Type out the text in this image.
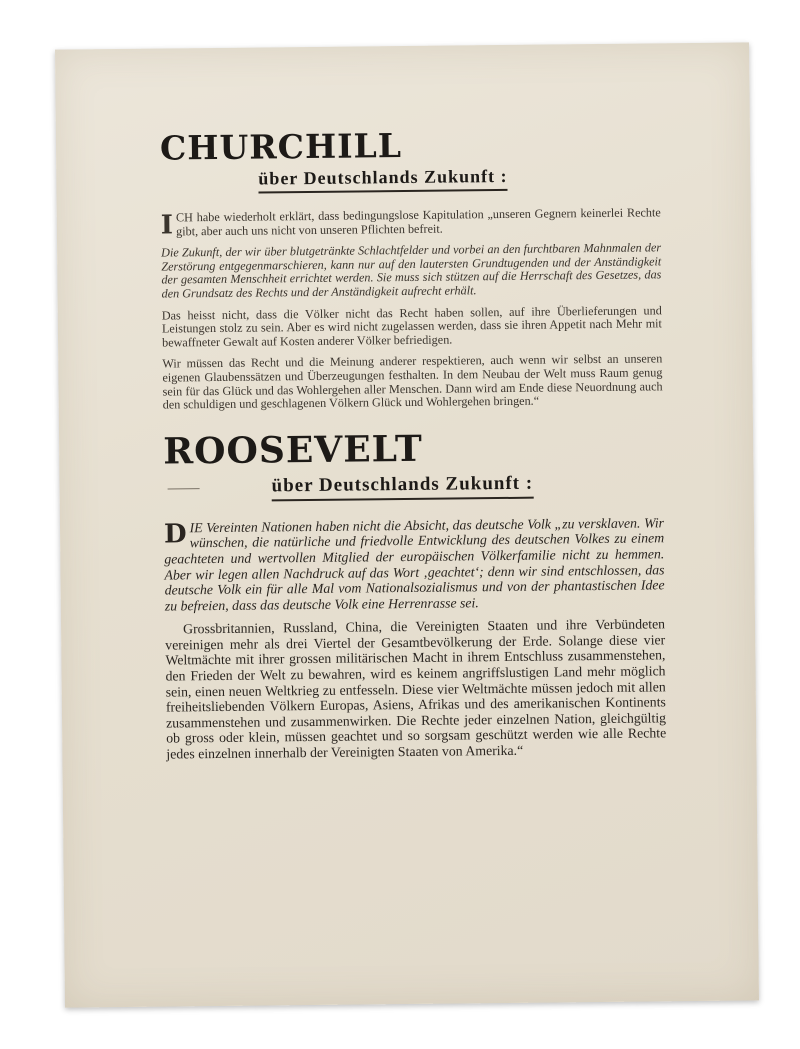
CHURCHILL
über Deutschlands Zukunft :

ICH habe wiederholt erklärt, dass bedingungslose Kapitulation „unseren Gegnern keinerlei Rechte gibt, aber auch uns nicht von unseren Pflichten befreit.

Die Zukunft, der wir über blutgetränkte Schlachtfelder und vorbei an den furchtbaren Mahnmalen der Zerstörung entgegenmarschieren, kann nur auf den lautersten Grundtugenden und der Anständigkeit der gesamten Menschheit errichtet werden. Sie muss sich stützen auf die Herrschaft des Gesetzes, das den Grundsatz des Rechts und der Anständigkeit aufrecht erhält.

Das heisst nicht, dass die Völker nicht das Recht haben sollen, auf ihre Überlieferungen und Leistungen stolz zu sein. Aber es wird nicht zugelassen werden, dass sie ihren Appetit nach Mehr mit bewaffneter Gewalt auf Kosten anderer Völker befriedigen.

Wir müssen das Recht und die Meinung anderer respektieren, auch wenn wir selbst an unseren eigenen Glaubenssätzen und Überzeugungen festhalten. In dem Neubau der Welt muss Raum genug sein für das Glück und das Wohlergehen aller Menschen. Dann wird am Ende diese Neuordnung auch den schuldigen und geschlagenen Völkern Glück und Wohlergehen bringen.“

ROOSEVELT
über Deutschlands Zukunft :

DIE Vereinten Nationen haben nicht die Absicht, das deutsche Volk „zu versklaven. Wir wünschen, die natürliche und friedvolle Entwicklung des deutschen Volkes zu einem geachteten und wertvollen Mitglied der europäischen Völkerfamilie nicht zu hemmen. Aber wir legen allen Nachdruck auf das Wort ‚geachtet‘; denn wir sind entschlossen, das deutsche Volk ein für alle Mal vom Nationalsozialismus und von der phantastischen Idee zu befreien, dass das deutsche Volk eine Herrenrasse sei.

Grossbritannien, Russland, China, die Vereinigten Staaten und ihre Verbündeten vereinigen mehr als drei Viertel der Gesamtbevölkerung der Erde. Solange diese vier Weltmächte mit ihrer grossen militärischen Macht in ihrem Entschluss zusammenstehen, den Frieden der Welt zu bewahren, wird es keinem angriffslustigen Land mehr möglich sein, einen neuen Weltkrieg zu entfesseln. Diese vier Weltmächte müssen jedoch mit allen freiheitsliebenden Völkern Europas, Asiens, Afrikas und des amerikanischen Kontinents zusammenstehen und zusammenwirken. Die Rechte jeder einzelnen Nation, gleichgültig ob gross oder klein, müssen geachtet und so sorgsam geschützt werden wie alle Rechte jedes einzelnen innerhalb der Vereinigten Staaten von Amerika.“
